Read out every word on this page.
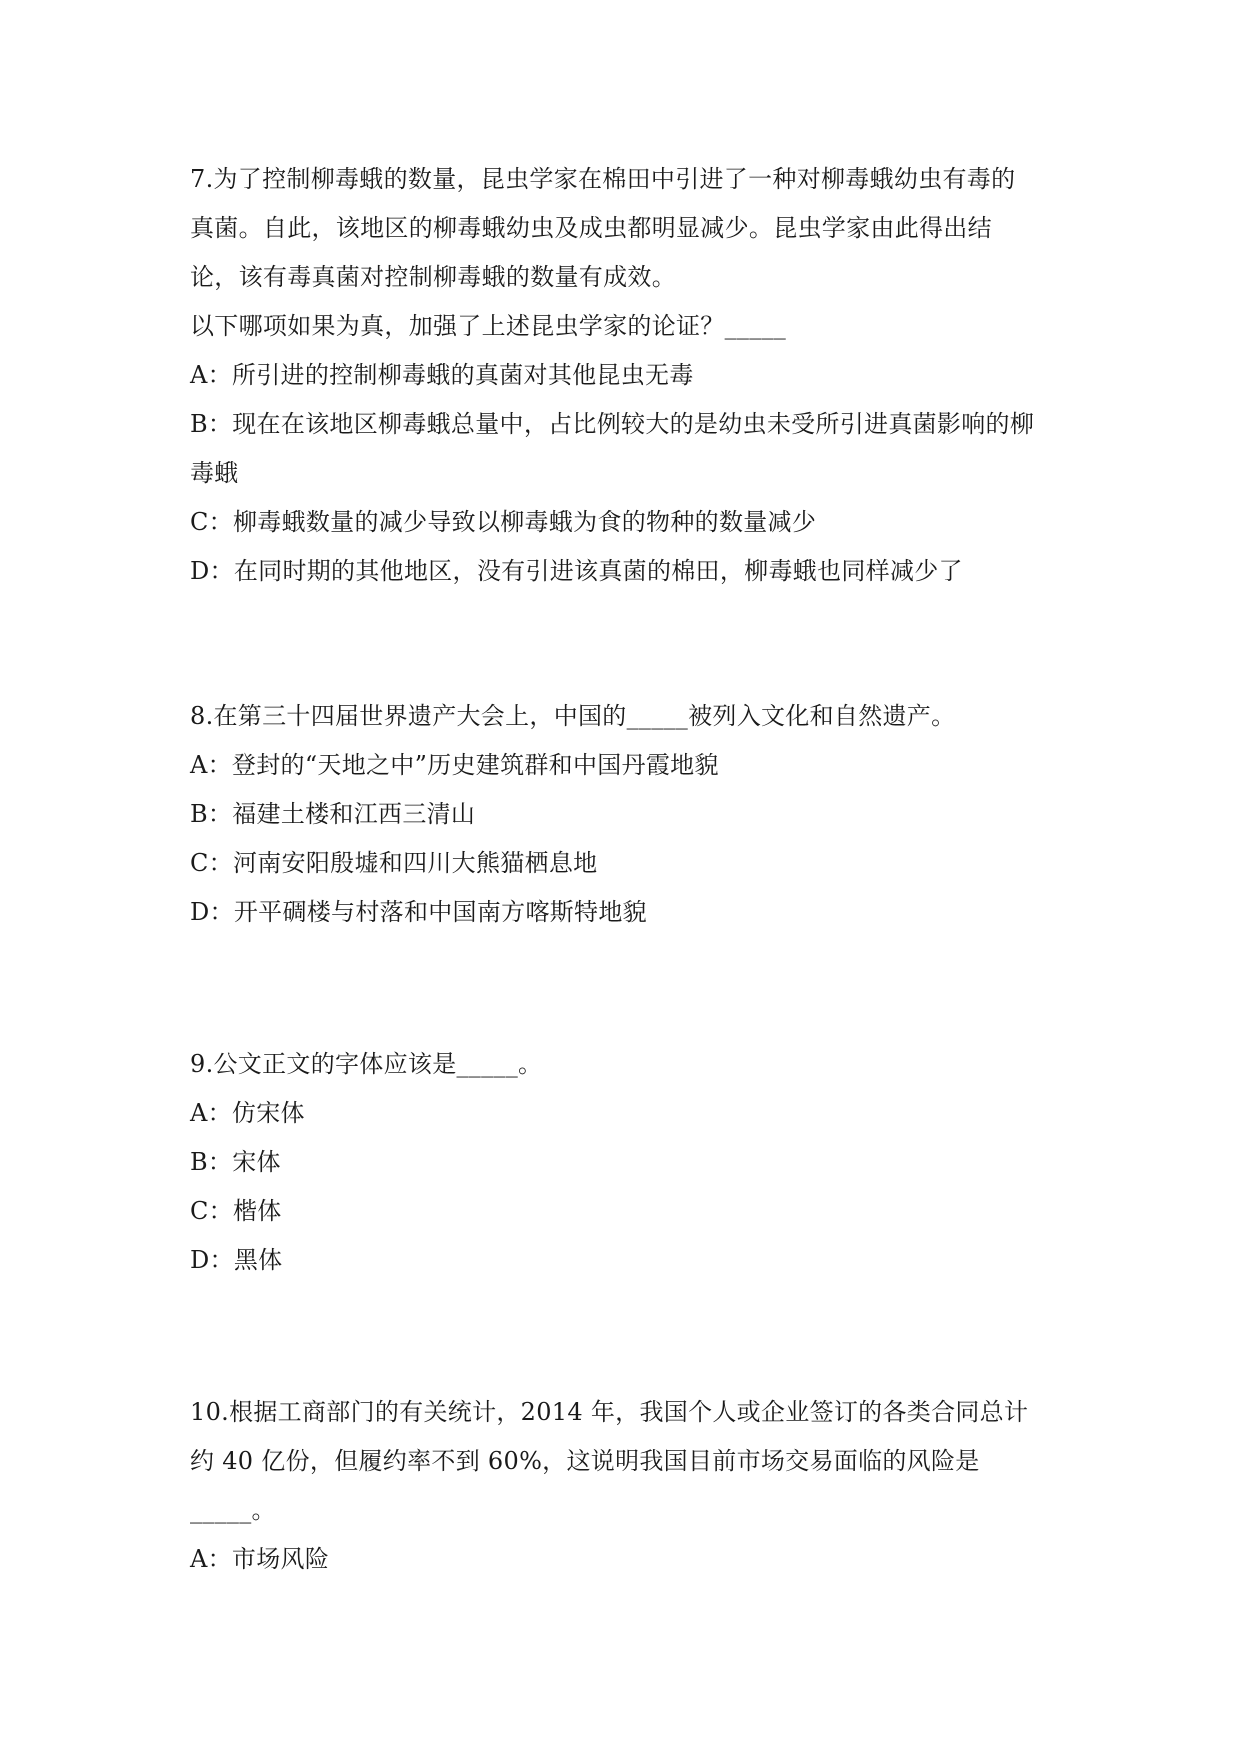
7.为了控制柳毒蛾的数量，昆虫学家在棉田中引进了一种对柳毒蛾幼虫有毒的
真菌。自此，该地区的柳毒蛾幼虫及成虫都明显减少。昆虫学家由此得出结
论，该有毒真菌对控制柳毒蛾的数量有成效。
以下哪项如果为真，加强了上述昆虫学家的论证？_____
A：所引进的控制柳毒蛾的真菌对其他昆虫无毒
B：现在在该地区柳毒蛾总量中，占比例较大的是幼虫未受所引进真菌影响的柳
毒蛾
C：柳毒蛾数量的减少导致以柳毒蛾为食的物种的数量减少
D：在同时期的其他地区，没有引进该真菌的棉田，柳毒蛾也同样减少了
8.在第三十四届世界遗产大会上，中国的_____被列入文化和自然遗产。
A：登封的“天地之中”历史建筑群和中国丹霞地貌
B：福建土楼和江西三清山
C：河南安阳殷墟和四川大熊猫栖息地
D：开平碉楼与村落和中国南方喀斯特地貌
9.公文正文的字体应该是_____。
A：仿宋体
B：宋体
C：楷体
D：黑体
10.根据工商部门的有关统计，2014 年，我国个人或企业签订的各类合同总计
约 40 亿份，但履约率不到 60%，这说明我国目前市场交易面临的风险是
_____。
A：市场风险
